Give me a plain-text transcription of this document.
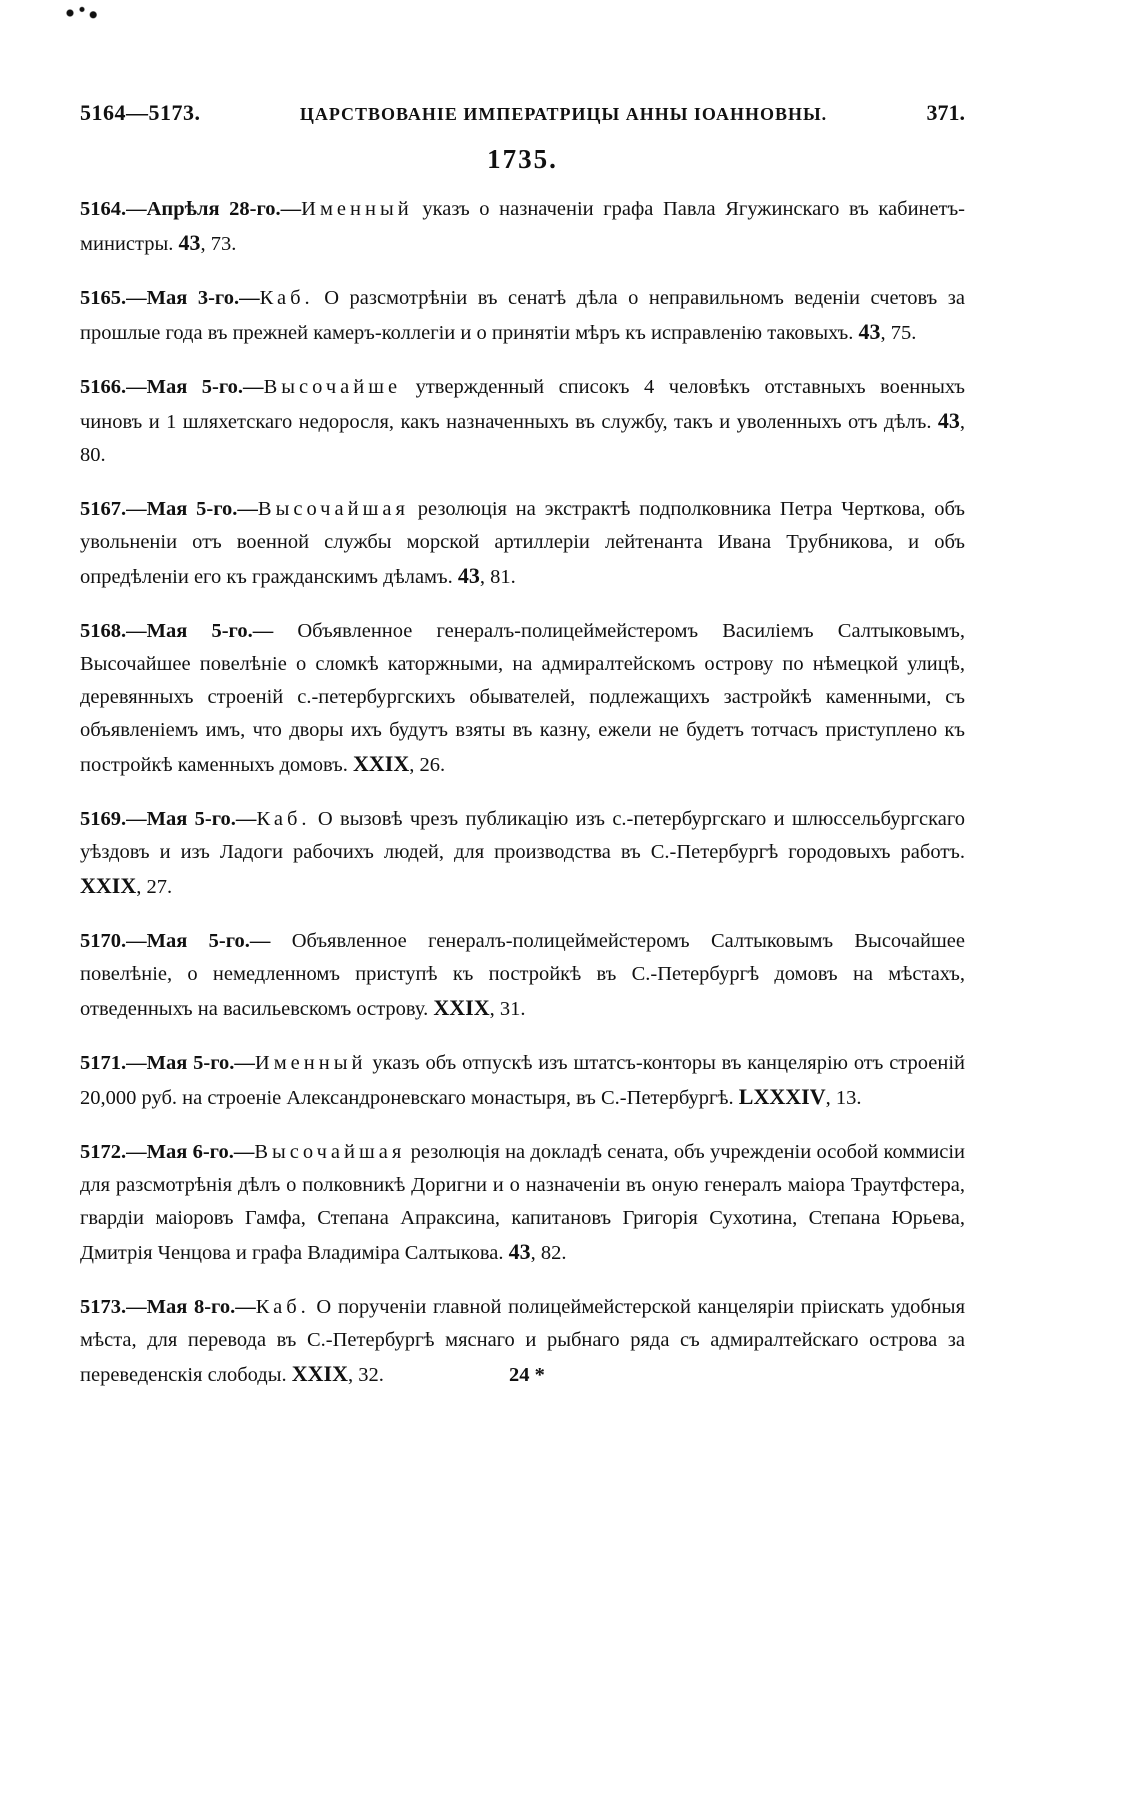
5164—5173.	ЦАРСТВОВАНІЕ ИМПЕРАТРИЦЫ АННЫ ІОАННОВНЫ.	371.
1735.

5164.—Апрѣля 28-го.—Именный указъ о назначеніи графа Павла Ягужинскаго въ кабинетъ-министры. 43, 73.

5165.—Мая 3-го.—Каб. О разсмотрѣніи въ сенатѣ дѣла о неправильномъ веденіи счетовъ за прошлые года въ прежней камеръ-коллегіи и о принятіи мѣръ къ исправленію таковыхъ. 43, 75.

5166.—Мая 5-го.—Высочайше утвержденный списокъ 4 человѣкъ отставныхъ военныхъ чиновъ и 1 шляхетскаго недоросля, какъ назначенныхъ въ службу, такъ и уволенныхъ отъ дѣлъ. 43, 80.

5167.—Мая 5-го.—Высочайшая резолюція на экстрактѣ подполковника Петра Черткова, объ увольненіи отъ военной службы морской артиллеріи лейтенанта Ивана Трубникова, и объ опредѣленіи его къ гражданскимъ дѣламъ. 43, 81.

5168.—Мая 5-го.— Объявленное генералъ-полицеймейстеромъ Василіемъ Салтыковымъ, Высочайшее повелѣніе о сломкѣ каторжными, на адмиралтейскомъ острову по нѣмецкой улицѣ, деревянныхъ строеній с.-петербургскихъ обывателей, подлежащихъ застройкѣ каменными, съ объявленіемъ имъ, что дворы ихъ будутъ взяты въ казну, ежели не будетъ тотчасъ приступлено къ постройкѣ каменныхъ домовъ. XXIX, 26.

5169.—Мая 5-го.—Каб. О вызовѣ чрезъ публикацію изъ с.-петербургскаго и шлюссельбургскаго уѣздовъ и изъ Ладоги рабочихъ людей, для производства въ С.-Петербургѣ городовыхъ работъ. XXIX, 27.

5170.—Мая 5-го.— Объявленное генералъ-полицеймейстеромъ Салтыковымъ Высочайшее повелѣніе, о немедленномъ приступѣ къ постройкѣ въ С.-Петербургѣ домовъ на мѣстахъ, отведенныхъ на васильевскомъ острову. XXIX, 31.

5171.—Мая 5-го.—Именный указъ объ отпускѣ изъ штатсъ-конторы въ канцелярію отъ строеній 20,000 руб. на строеніе Александроневскаго монастыря, въ С.-Петербургѣ. LXXXIV, 13.

5172.—Мая 6-го.—Высочайшая резолюція на докладѣ сената, объ учрежденіи особой коммисіи для разсмотрѣнія дѣлъ о полковникѣ Доригни и о назначеніи въ оную генералъ маіора Траутфстера, гвардіи маіоровъ Гамфа, Степана Апраксина, капитановъ Григорія Сухотина, Степана Юрьева, Дмитрія Ченцова и графа Владиміра Салтыкова. 43, 82.

5173.—Мая 8-го.—Каб. О порученіи главной полицеймейстерской канцеляріи пріискать удобныя мѣста, для перевода въ С.-Петербургѣ мяснаго и рыбнаго ряда съ адмиралтейскаго острова за переведенскія слободы. XXIX, 32.	24 *
